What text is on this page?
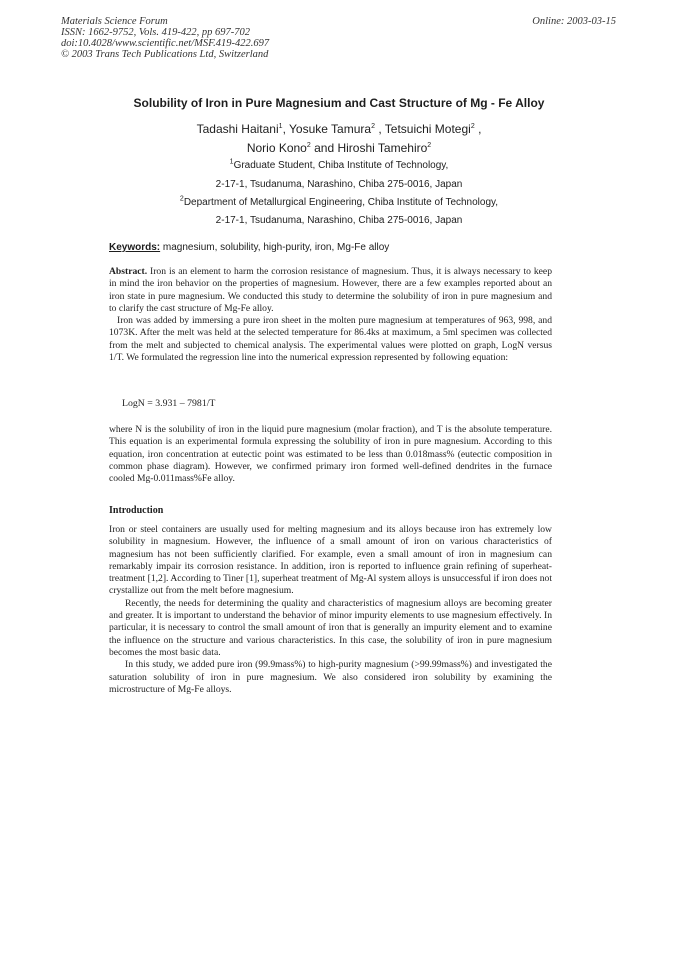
Materials Science Forum
ISSN: 1662-9752, Vols. 419-422, pp 697-702
doi:10.4028/www.scientific.net/MSF.419-422.697
© 2003 Trans Tech Publications Ltd, Switzerland
Online: 2003-03-15
Solubility of Iron in Pure Magnesium and Cast Structure of Mg - Fe Alloy
Tadashi Haitani$^1$, Yosuke Tamura$^2$ , Tetsuichi Motegi$^2$ ,
Norio Kono$^2$ and Hiroshi Tamehiro$^2$
$^1$Graduate Student, Chiba Institute of Technology,
2-17-1, Tsudanuma, Narashino, Chiba 275-0016, Japan
$^2$Department of Metallurgical Engineering, Chiba Institute of Technology,
2-17-1, Tsudanuma, Narashino, Chiba 275-0016, Japan
Keywords: magnesium, solubility, high-purity, iron, Mg-Fe alloy

Abstract. Iron is an element to harm the corrosion resistance of magnesium. Thus, it is always necessary to keep in mind the iron behavior on the properties of magnesium. However, there are a few examples reported about an iron state in pure magnesium. We conducted this study to determine the solubility of iron in pure magnesium and to clarify the cast structure of Mg-Fe alloy.

Iron was added by immersing a pure iron sheet in the molten pure magnesium at temperatures of 963, 998, and 1073K. After the melt was held at the selected temperature for 86.4ks at maximum, a 5ml specimen was collected from the melt and subjected to chemical analysis. The experimental values were plotted on graph, LogN versus 1/T. We formulated the regression line into the numerical expression represented by following equation:

LogN = 3.931 – 7981/T
where N is the solubility of iron in the liquid pure magnesium (molar fraction), and T is the absolute temperature. This equation is an experimental formula expressing the solubility of iron in pure magnesium. According to this equation, iron concentration at eutectic point was estimated to be less than 0.018mass% (eutectic composition in common phase diagram). However, we confirmed primary iron formed well-defined dendrites in the furnace cooled Mg-0.011mass%Fe alloy.
Introduction

Iron or steel containers are usually used for melting magnesium and its alloys because iron has extremely low solubility in magnesium. However, the influence of a small amount of iron on various characteristics of magnesium has not been sufficiently clarified. For example, even a small amount of iron in magnesium can remarkably impair its corrosion resistance. In addition, iron is reported to influence grain refining of superheat-treatment [1,2]. According to Tiner [1], superheat treatment of Mg-Al system alloys is unsuccessful if iron does not crystallize out from the melt before magnesium.

Recently, the needs for determining the quality and characteristics of magnesium alloys are becoming greater and greater. It is important to understand the behavior of minor impurity elements to use magnesium effectively. In particular, it is necessary to control the small amount of iron that is generally an impurity element and to examine the influence on the structure and various characteristics. In this case, the solubility of iron in pure magnesium becomes the most basic data.

In this study, we added pure iron (99.9mass%) to high-purity magnesium (>99.99mass%) and investigated the saturation solubility of iron in pure magnesium. We also considered iron solubility by examining the microstructure of Mg-Fe alloys.
